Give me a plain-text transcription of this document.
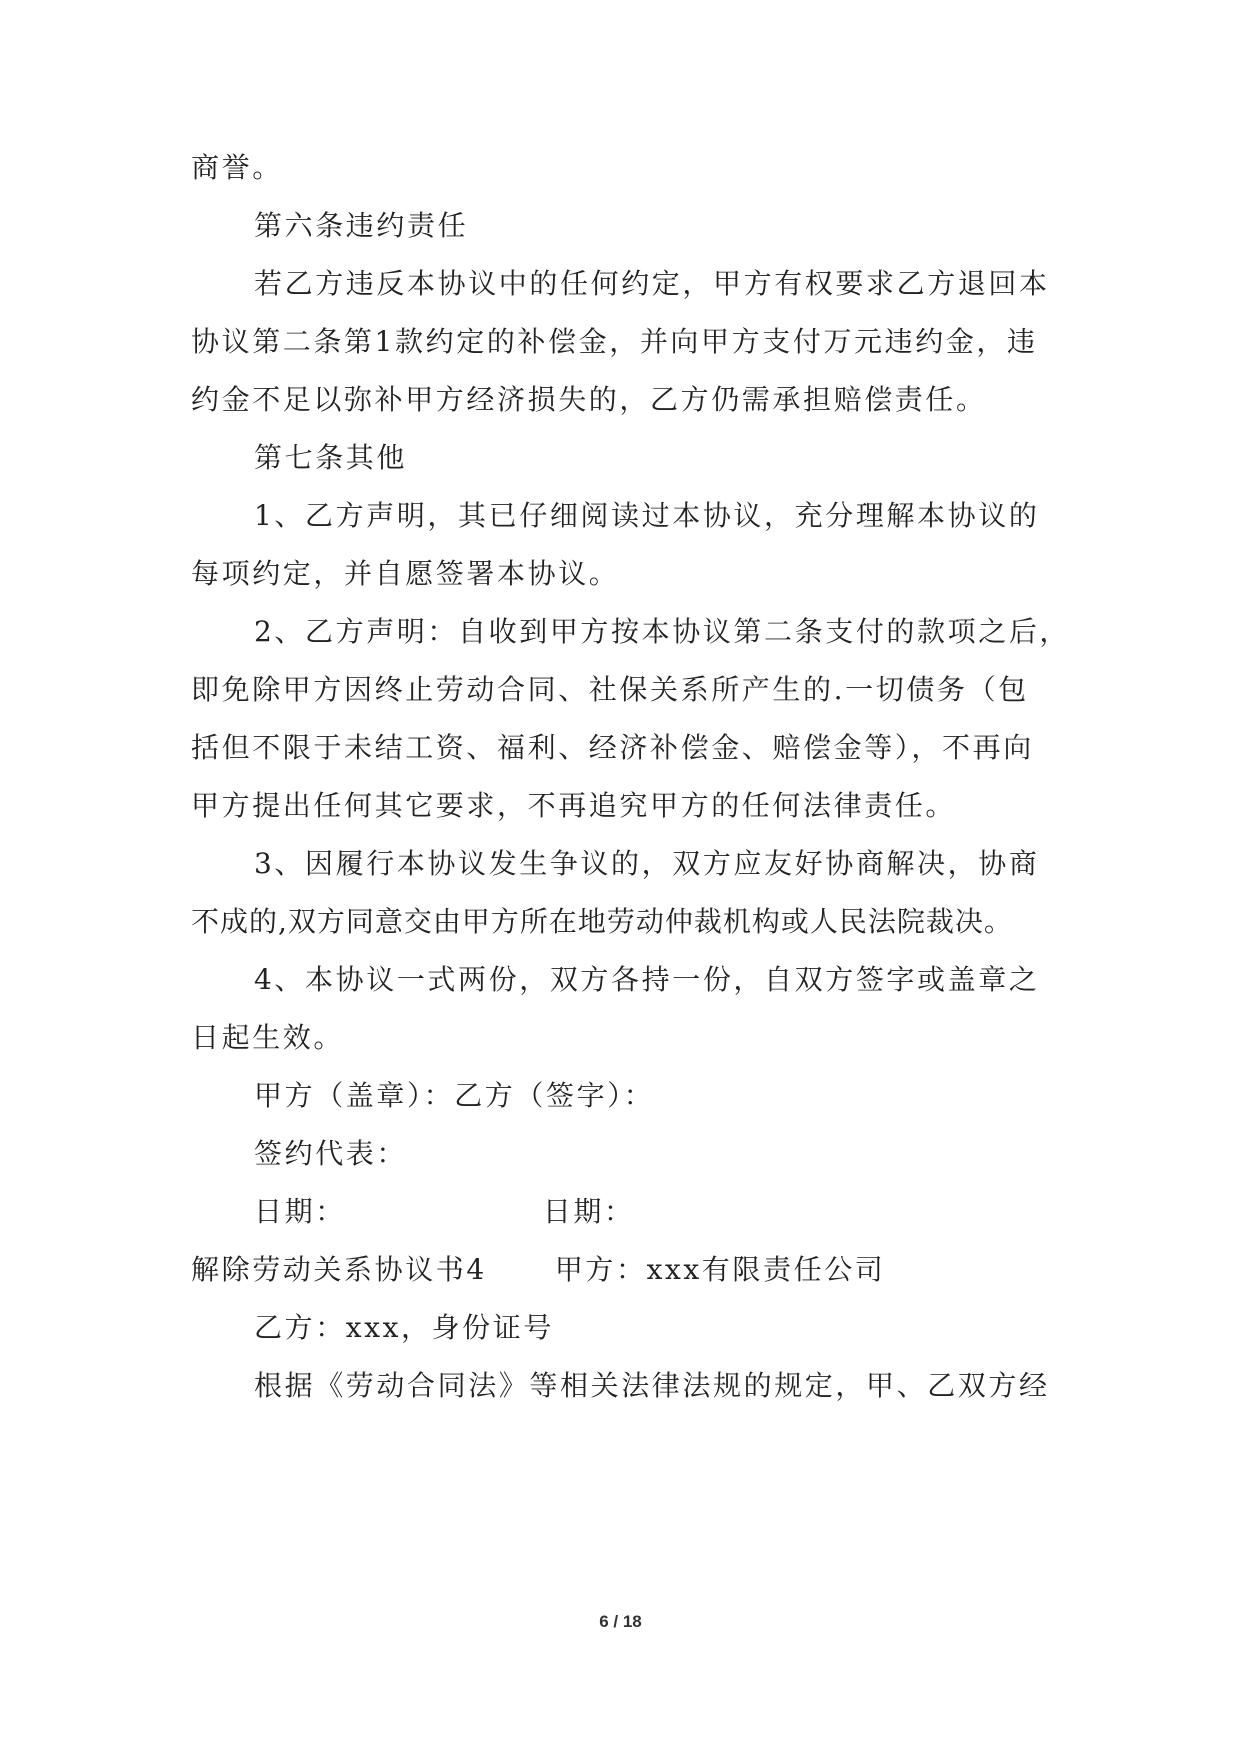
商誉。
第六条违约责任
若乙方违反本协议中的任何约定，甲方有权要求乙方退回本
协议第二条第1款约定的补偿金，并向甲方支付万元违约金，违
约金不足以弥补甲方经济损失的，乙方仍需承担赔偿责任。
第七条其他
1、乙方声明，其已仔细阅读过本协议，充分理解本协议的
每项约定，并自愿签署本协议。
2、乙方声明：自收到甲方按本协议第二条支付的款项之后，
即免除甲方因终止劳动合同、社保关系所产生的.一切债务（包
括但不限于未结工资、福利、经济补偿金、赔偿金等），不再向
甲方提出任何其它要求，不再追究甲方的任何法律责任。
3、因履行本协议发生争议的，双方应友好协商解决，协商
不成的,双方同意交由甲方所在地劳动仲裁机构或人民法院裁决。
4、本协议一式两份，双方各持一份，自双方签字或盖章之
日起生效。
甲方（盖章）：乙方（签字）：
签约代表：
日期：	日期：
解除劳动关系协议书4 甲方：xxx有限责任公司
乙方：xxx，身份证号
根据《劳动合同法》等相关法律法规的规定，甲、乙双方经
6 / 18
